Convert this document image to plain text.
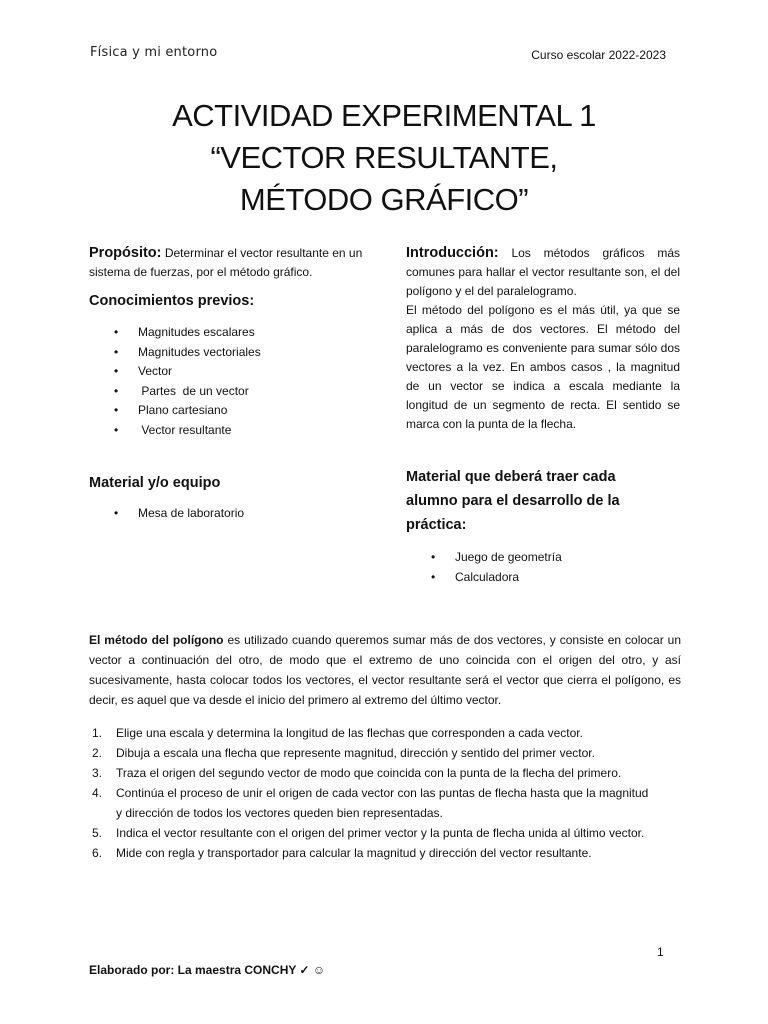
Física y mi entorno	Curso escolar 2022-2023
ACTIVIDAD EXPERIMENTAL 1
“VECTOR RESULTANTE,
MÉTODO GRÁFICO”
Propósito: Determinar el vector resultante en un sistema de fuerzas, por el método gráfico.
Conocimientos previos:
• Magnitudes escalares
• Magnitudes vectoriales
• Vector
• Partes  de un vector
• Plano cartesiano
• Vector resultante
Material y/o equipo
• Mesa de laboratorio
Introducción: Los métodos gráficos más comunes para hallar el vector resultante son, el del polígono y el del paralelogramo.
El método del polígono es el más útil, ya que se aplica a más de dos vectores. El método del paralelogramo es conveniente para sumar sólo dos vectores a la vez. En ambos casos , la magnitud de un vector se indica a escala mediante la longitud de un segmento de recta. El sentido se marca con la punta de la flecha.
Material que deberá traer cada
alumno para el desarrollo de la
práctica:
• Juego de geometría
• Calculadora
El método del polígono es utilizado cuando queremos sumar más de dos vectores, y consiste en colocar un vector a continuación del otro, de modo que el extremo de uno coincida con el origen del otro, y así sucesivamente, hasta colocar todos los vectores, el vector resultante será el vector que cierra el polígono, es decir, es aquel que va desde el inicio del primero al extremo del último vector.
1. Elige una escala y determina la longitud de las flechas que corresponden a cada vector.
2. Dibuja a escala una flecha que represente magnitud, dirección y sentido del primer vector.
3. Traza el origen del segundo vector de modo que coincida con la punta de la flecha del primero.
4. Continúa el proceso de unir el origen de cada vector con las puntas de flecha hasta que la magnitud
y dirección de todos los vectores queden bien representadas.
5. Indica el vector resultante con el origen del primer vector y la punta de flecha unida al último vector.
6. Mide con regla y transportador para calcular la magnitud y dirección del vector resultante.
1
Elaborado por: La maestra CONCHY ✓ ☺
